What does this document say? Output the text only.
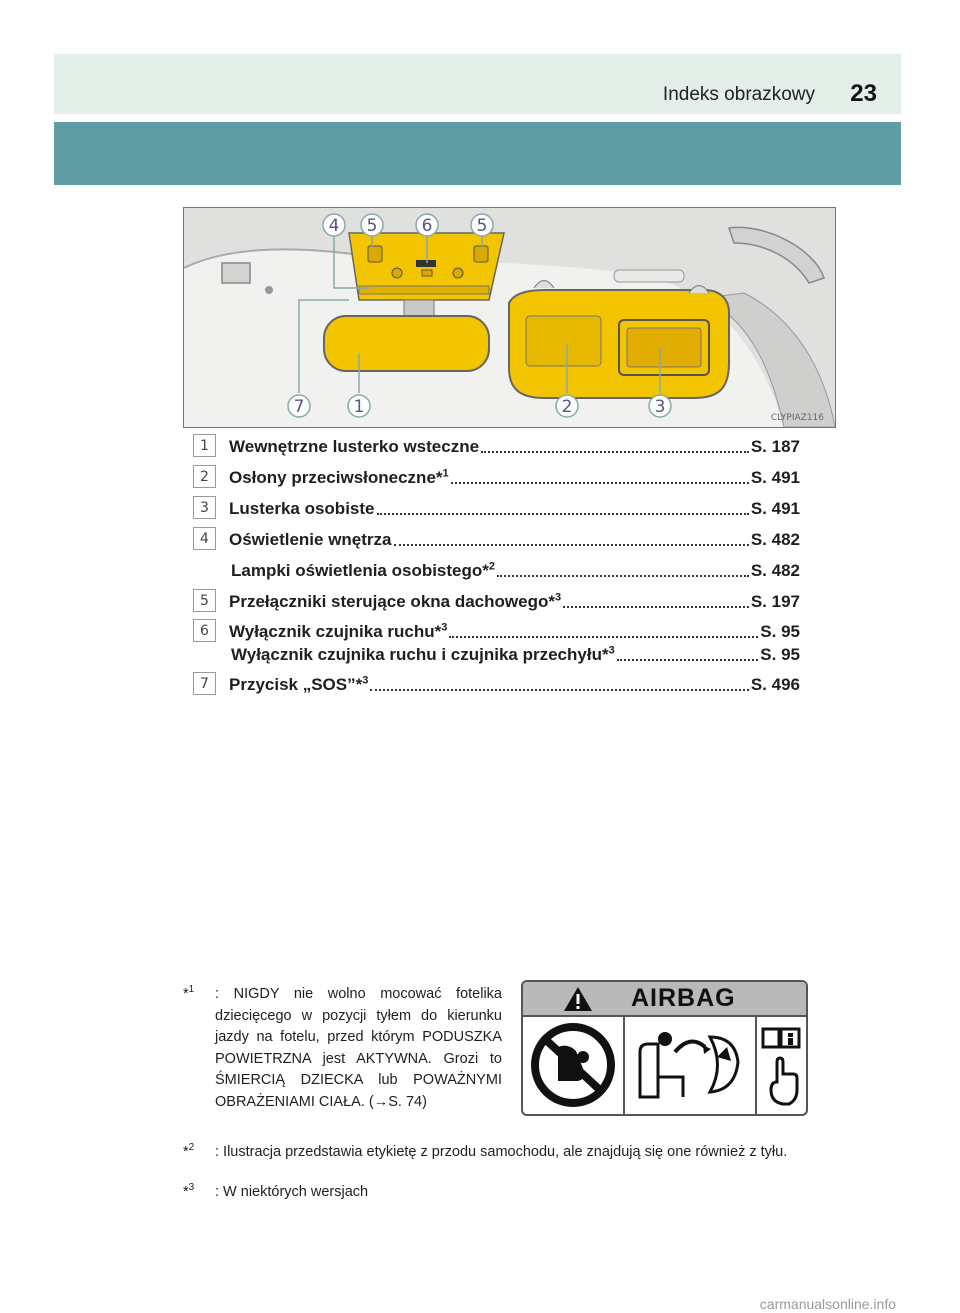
Indeks obrazkowy 23
4 5	6	5
7	1	2	3
CLYPIAZ116
1	Wewnętrzne lusterko wsteczne	S. 187
2	Osłony przeciwsłoneczne*$^1$	S. 491
3	Lusterka osobiste	S. 491
4	Oświetlenie wnętrza	S. 482
Lampki oświetlenia osobistego*$^2$	S. 482
5	Przełączniki sterujące okna dachowego*$^3$	S. 197
6	Wyłącznik czujnika ruchu*$^3$	S. 95
Wyłącznik czujnika ruchu i czujnika przechyłu*$^3$	S. 95
7	Przycisk „SOS”*$^3$	S. 496
*$^1$ : NIGDY nie wolno mocować fotelika dziecięcego w pozycji tyłem do kierunku jazdy na fotelu, przed którym PODUSZKA POWIETRZNA jest AKTYWNA. Grozi to ŚMIERCIĄ DZIECKA lub POWAŻNYMI OBRAŻENIAMI CIAŁA. (→S. 74)
*$^2$ : Ilustracja przedstawia etykietę z przodu samochodu, ale znajdują się one również z tyłu.
*$^3$ : W niektórych wersjach
AIRBAG
carmanualsonline.info
